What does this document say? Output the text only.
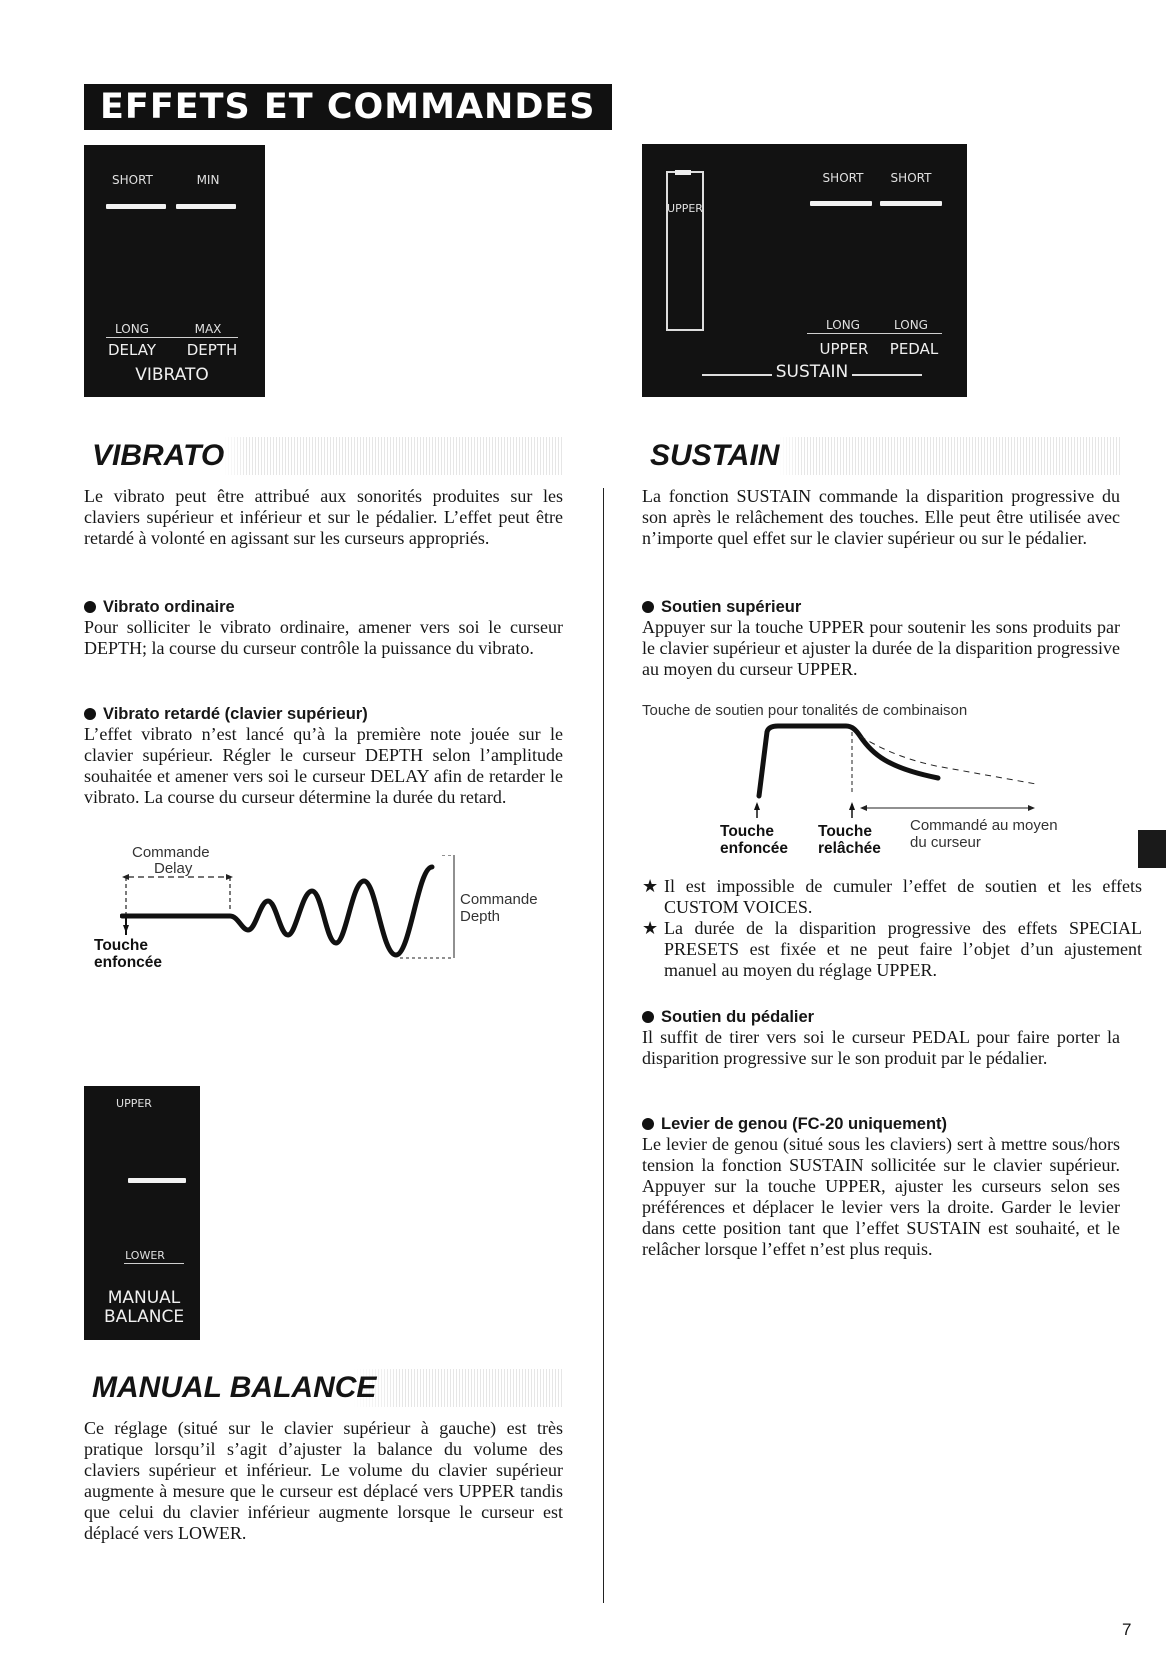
EFFETS ET COMMANDES
SHORT	MIN
LONG	MAX
DELAY	DEPTH
VIBRATO
UPPER
SHORT SHORT
LONG	LONG
UPPER	PEDAL
SUSTAIN
UPPER
LOWER
MANUAL
BALANCE
VIBRATO

Le vibrato peut être attribué aux sonorités produites sur les claviers supérieur et inférieur et sur le pédalier. L’effet peut être retardé à volonté en agissant sur les curseurs appropriés.

Vibrato ordinaire

Pour solliciter le vibrato ordinaire, amener vers soi le curseur DEPTH; la course du curseur contrôle la puissance du vibrato.

Vibrato retardé (clavier supérieur)

L’effet vibrato n’est lancé qu’à la première note jouée sur le clavier supérieur. Régler le curseur DEPTH selon l’amplitude souhaitée et amener vers soi le curseur DELAY afin de retarder le vibrato. La course du curseur détermine la durée du retard.

Commande
Delay
Commande
Depth
Touche
enfoncée
SUSTAIN

La fonction SUSTAIN commande la disparition progressive du son après le relâchement des touches. Elle peut être utilisée avec n’importe quel effet sur le clavier supérieur ou sur le pédalier.

Soutien supérieur

Appuyer sur la touche UPPER pour soutenir les sons produits par le clavier supérieur et ajuster la durée de la disparition progressive au moyen du curseur UPPER.

Touche de soutien pour tonalités de combinaison
Touche
enfoncée
Touche
relâchée
Commandé au moyen
du curseur

★ Il est impossible de cumuler l’effet de soutien et les effets CUSTOM VOICES.

★ La durée de la disparition progressive des effets SPECIAL PRESETS est fixée et ne peut faire l’objet d’un ajustement manuel au moyen du réglage UPPER.

Soutien du pédalier

Il suffit de tirer vers soi le curseur PEDAL pour faire porter la disparition progressive sur le son produit par le pédalier.

Levier de genou (FC-20 uniquement)

Le levier de genou (situé sous les claviers) sert à mettre sous/hors tension la fonction SUSTAIN sollicitée sur le clavier supérieur. Appuyer sur la touche UPPER, ajuster les curseurs selon ses préférences et déplacer le levier vers la droite. Garder le levier dans cette position tant que l’effet SUSTAIN est souhaité, et le relâcher lorsque l’effet n’est plus requis.

MANUAL BALANCE

Ce réglage (situé sur le clavier supérieur à gauche) est très pratique lorsqu’il s’agit d’ajuster la balance du volume des claviers supérieur et inférieur. Le volume du clavier supérieur augmente à mesure que le curseur est déplacé vers UPPER tandis que celui du clavier inférieur augmente lorsque le curseur est déplacé vers LOWER.

7
